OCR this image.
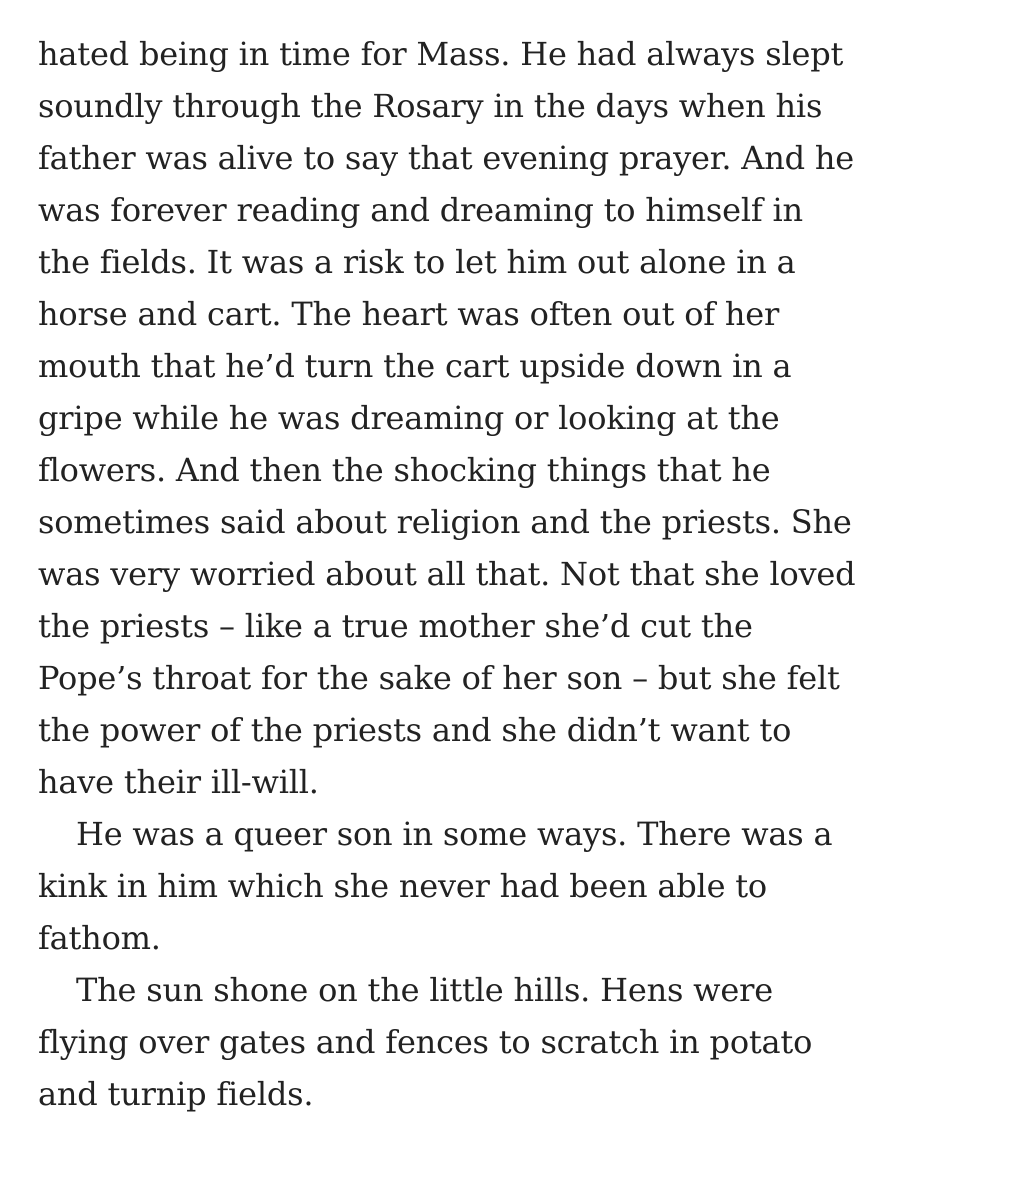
hated being in time for Mass. He had always slept
soundly through the Rosary in the days when his
father was alive to say that evening prayer. And he
was forever reading and dreaming to himself in
the fields. It was a risk to let him out alone in a
horse and cart. The heart was often out of her
mouth that he’d turn the cart upside down in a
gripe while he was dreaming or looking at the
flowers. And then the shocking things that he
sometimes said about religion and the priests. She
was very worried about all that. Not that she loved
the priests – like a true mother she’d cut the
Pope’s throat for the sake of her son – but she felt
the power of the priests and she didn’t want to
have their ill-will.
He was a queer son in some ways. There was a
kink in him which she never had been able to
fathom.
The sun shone on the little hills. Hens were
flying over gates and fences to scratch in potato
and turnip fields.
